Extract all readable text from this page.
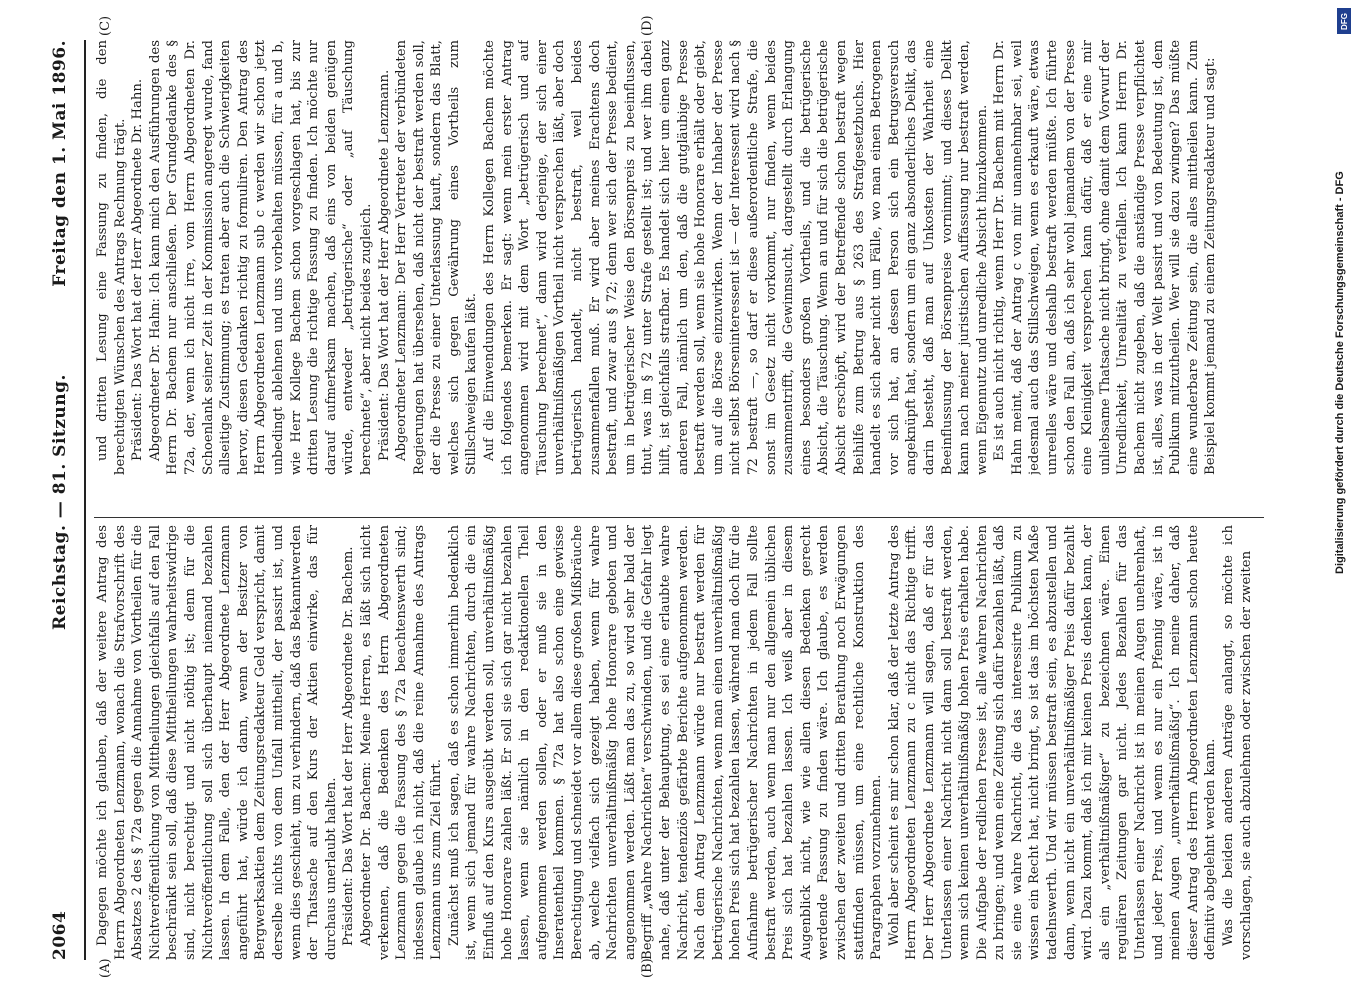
2064
Reichstag. — 81. Sitzung.
Freitag den 1. Mai 1896.
(A)	(B)
(C)	(D)

Dagegen möchte ich glauben, daß der weitere Antrag des Herrn Abgeordneten Lenzmann, wonach die Strafvorschrift des Absatzes 2 des § 72a gegen die Annahme von Vortheilen für die Nichtveröffentlichung von Mittheilungen gleichfalls auf den Fall beschränkt sein soll, daß diese Mittheilungen wahrheitswidrige sind, nicht berechtigt und nicht nöthig ist; denn für die Nichtveröffentlichung soll sich überhaupt niemand bezahlen lassen. In dem Falle, den der Herr Abgeordnete Lenzmann angeführt hat, würde ich dann, wenn der Besitzer von Bergwerksaktien dem Zeitungsredakteur Geld verspricht, damit derselbe nichts von dem Unfall mittheilt, der passirt ist, und wenn dies geschieht, um zu verhindern, daß das Bekanntwerden der Thatsache auf den Kurs der Aktien einwirke, das für durchaus unerlaubt halten. Präsident: Das Wort hat der Herr Abgeordnete Dr. Bachem. Abgeordneter Dr. Bachem: Meine Herren, es läßt sich nicht verkennen, daß die Bedenken des Herrn Abgeordneten Lenzmann gegen die Fassung des § 72a beachtenswerth sind; indessen glaube ich nicht, daß die reine Annahme des Antrags Lenzmann uns zum Ziel führt. Zunächst muß ich sagen, daß es schon immerhin bedenklich ist, wenn sich jemand für wahre Nachrichten, durch die ein Einfluß auf den Kurs ausgeübt werden soll, unverhältnißmäßig hohe Honorare zahlen läßt. Er soll sie sich gar nicht bezahlen lassen, wenn sie nämlich in den redaktionellen Theil aufgenommen werden sollen, oder er muß sie in den Inseratentheil kommen. § 72a hat also schon eine gewisse Berechtigung und schneidet vor allem diese großen Mißbräuche ab, welche vielfach sich gezeigt haben, wenn für wahre Nachrichten unverhältnißmäßig hohe Honorare geboten und angenommen werden. Läßt man das zu, so wird sehr bald der Begriff „wahre Nachrichten“ verschwinden, und die Gefahr liegt nahe, daß unter der Behauptung, es sei eine erlaubte wahre Nachricht, tendenziös gefärbte Berichte aufgenommen werden. Nach dem Antrag Lenzmann würde nur bestraft werden für betrügerische Nachrichten, wenn man einen unverhältnißmäßig hohen Preis sich hat bezahlen lassen, während man doch für die Aufnahme betrügerischer Nachrichten in jedem Fall sollte bestraft werden, auch wenn man nur den allgemein üblichen Preis sich hat bezahlen lassen. Ich weiß aber in diesem Augenblick nicht, wie wie allen diesen Bedenken gerecht werdende Fassung zu finden wäre. Ich glaube, es werden zwischen der zweiten und dritten Berathung noch Erwägungen stattfinden müssen, um eine rechtliche Konstruktion des Paragraphen vorzunehmen. Wohl aber scheint es mir schon klar, daß der letzte Antrag des Herrn Abgeordneten Lenzmann zu c nicht das Richtige trifft. Der Herr Abgeordnete Lenzmann will sagen, daß er für das Unterlassen einer Nachricht nicht dann soll bestraft werden, wenn sich keinen unverhältnißmäßig hohen Preis erhalten habe. Die Aufgabe der redlichen Presse ist, alle wahren Nachrichten zu bringen; und wenn eine Zeitung sich dafür bezahlen läßt, daß sie eine wahre Nachricht, die das interessirte Publikum zu wissen ein Recht hat, nicht bringt, so ist das im höchsten Maße tadelnswerth. Und wir müssen bestraft sein, es abzustellen und dann, wenn nicht ein unverhältnißmäßiger Preis dafür bezahlt wird. Dazu kommt, daß ich mir keinen Preis denken kann, der als ein „verhältnißmäßiger“ zu bezeichnen wäre. Einen regulären Zeitungen gar nicht. Jedes Bezahlen für das Unterlassen einer Nachricht ist in meinen Augen unehrenhaft, und jeder Preis, und wenn es nur ein Pfennig wäre, ist in meinen Augen „unverhältnißmäßig“. Ich meine daher, daß dieser Antrag des Herrn Abgeordneten Lenzmann schon heute definitiv abgelehnt werden kann. Was die beiden anderen Anträge anlangt, so möchte ich vorschlagen, sie auch abzulehnen oder zwischen der zweiten

und dritten Lesung eine Fassung zu finden, die den berechtigten Wünschen des Antrags Rechnung trägt. Präsident: Das Wort hat der Herr Abgeordnete Dr. Hahn. Abgeordneter Dr. Hahn: Ich kann mich den Ausführungen des Herrn Dr. Bachem nur anschließen. Der Grundgedanke des § 72a, der, wenn ich nicht irre, vom Herrn Abgeordneten Dr. Schoenlank seiner Zeit in der Kommission angeregt wurde, fand allseitige Zustimmung; es traten aber auch die Schwierigkeiten hervor, diesen Gedanken richtig zu formuliren. Den Antrag des Herrn Abgeordneten Lenzmann sub c werden wir schon jetzt unbedingt ablehnen und uns vorbehalten müssen, für a und b, wie Herr Kollege Bachem schon vorgeschlagen hat, bis zur dritten Lesung die richtige Fassung zu finden. Ich möchte nur darauf aufmerksam machen, daß eins von beiden genügen würde, entweder „betrügerische“ oder „auf Täuschung berechnete“, aber nicht beides zugleich. Präsident: Das Wort hat der Herr Abgeordnete Lenzmann. Abgeordneter Lenzmann: Der Herr Vertreter der verbündeten Regierungen hat übersehen, daß nicht der bestraft werden soll, der die Presse zu einer Unterlassung kauft, sondern das Blatt, welches sich gegen Gewährung eines Vortheils zum Stillschweigen kaufen läßt. Auf die Einwendungen des Herrn Kollegen Bachem möchte ich folgendes bemerken. Er sagt: wenn mein erster Antrag angenommen wird mit dem Wort „betrügerisch und auf Täuschung berechnet“, dann wird derjenige, der sich einer unverhältnißmäßigen Vortheil nicht versprechen läßt, aber doch betrügerisch handelt, nicht bestraft, weil beides zusammenfallen muß. Er wird aber meines Erachtens doch bestraft, und zwar aus § 72; denn wer sich der Presse bedient, um in betrügerischer Weise den Börsenpreis zu beeinflussen, thut, was im § 72 unter Strafe gestellt ist; und wer ihm dabei hilft, ist gleichfalls strafbar. Es handelt sich hier um einen ganz anderen Fall, nämlich um den, daß die gutgläubige Presse bestraft werden soll, wenn sie hohe Honorare erhält oder giebt, um auf die Börse einzuwirken. Wenn der Inhaber der Presse nicht selbst Börseninteressent ist — der Interessent wird nach § 72 bestraft —, so darf er diese außerordentliche Strafe, die sonst im Gesetz nicht vorkommt, nur finden, wenn beides zusammentrifft, die Gewinnsucht, dargestellt durch Erlangung eines besonders großen Vortheils, und die betrügerische Absicht, die Täuschung. Wenn an und für sich die betrügerische Absicht erschöpft, wird der Betreffende schon bestraft wegen Beihilfe zum Betrug aus § 263 des Strafgesetzbuchs. Hier handelt es sich aber nicht um Fälle, wo man einen Betrogenen vor sich hat, an dessen Person sich ein Betrugsversuch angeknüpft hat, sondern um ein ganz absonderliches Delikt, das darin besteht, daß man auf Unkosten der Wahrheit eine Beeinflussung der Börsenpreise vornimmt; und dieses Delikt kann nach meiner juristischen Auffassung nur bestraft werden, wenn Eigennutz und unredliche Absicht hinzukommen. Es ist auch nicht richtig, wenn Herr Dr. Bachem mit Herrn Dr. Hahn meint, daß der Antrag c von mir unannehmbar sei, weil jedesmal auch das Stillschweigen, wenn es erkauft wäre, etwas unreelles wäre und deshalb bestraft werden müßte. Ich führte schon den Fall an, daß ich sehr wohl jemandem von der Presse eine Kleinigkeit versprechen kann dafür, daß er eine mir unliebsame Thatsache nicht bringt, ohne damit dem Vorwurf der Unredlichkeit, Unrealität zu verfallen. Ich kann Herrn Dr. Bachem nicht zugeben, daß die anständige Presse verpflichtet ist, alles, was in der Welt passirt und von Bedeutung ist, dem Publikum mitzutheilen. Wer will sie dazu zwingen? Das müßte eine wunderbare Zeitung sein, die alles mittheilen kann. Zum Beispiel kommt jemand zu einem Zeitungsredakteur und sagt:

DFG
Digitalisierung gefördert durch die Deutsche Forschungsgemeinschaft - DFG
